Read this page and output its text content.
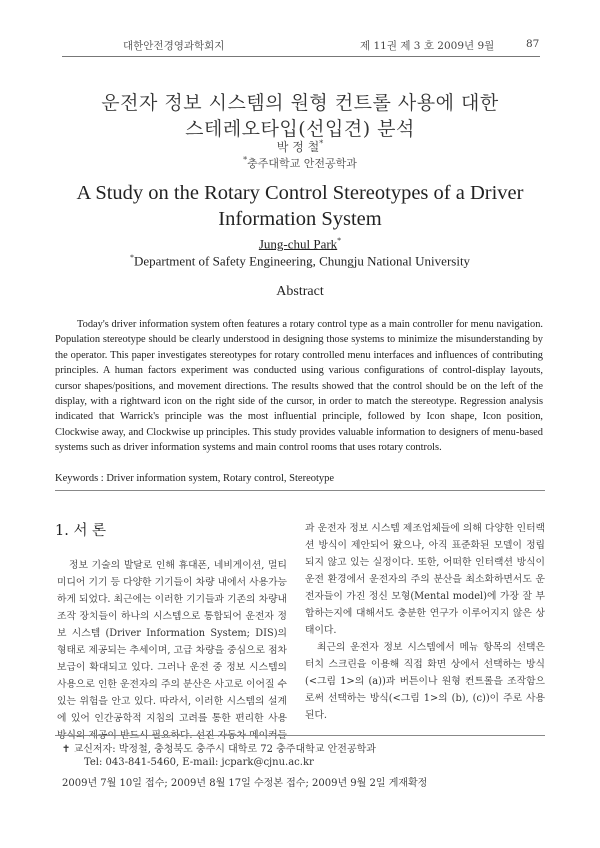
대한안전경영과학회지	제 11권 제 3 호 2009년 9월	87
운전자 정보 시스템의 원형 컨트롤 사용에 대한
스테레오타입(선입견) 분석
박 정 철*
*충주대학교 안전공학과
A Study on the Rotary Control Stereotypes of a Driver
Information System
Jung-chul Park*
*Department of Safety Engineering, Chungju National University
Abstract
Today's driver information system often features a rotary control type as a main controller for menu navigation. Population stereotype should be clearly understood in designing those systems to minimize the misunderstanding by the operator. This paper investigates stereotypes for rotary controlled menu interfaces and influences of contributing principles. A human factors experiment was conducted using various configurations of control-display layouts, cursor shapes/positions, and movement directions. The results showed that the control should be on the left of the display, with a rightward icon on the right side of the cursor, in order to match the stereotype. Regression analysis indicated that Warrick's principle was the most influential principle, followed by Icon shape, Icon position, Clockwise away, and Clockwise up principles. This study provides valuable information to designers of menu-based systems such as driver information systems and main control rooms that uses rotary controls.
Keywords : Driver information system, Rotary control, Stereotype
1. 서 론
정보 기술의 발달로 인해 휴대폰, 네비게이션, 멀티미디어 기기 등 다양한 기기들이 차량 내에서 사용가능하게 되었다. 최근에는 이러한 기기들과 기존의 차량내 조작 장치들이 하나의 시스템으로 통합되어 운전자 정보 시스템 (Driver Information System; DIS)의 형태로 제공되는 추세이며, 고급 차량을 중심으로 점차 보급이 확대되고 있다. 그러나 운전 중 정보 시스템의 사용으로 인한 운전자의 주의 분산은 사고로 이어질 수 있는 위험을 안고 있다. 따라서, 이러한 시스템의 설계에 있어 인간공학적 지침의 고려를 통한 편리한 사용

과 운전자 정보 시스템 제조업체들에 의해 다양한 인터랙션 방식이 제안되어 왔으나, 아직 표준화된 모델이 정립되지 않고 있는 실정이다. 또한, 어떠한 인터랙션 방식이 운전 환경에서 운전자의 주의 분산을 최소화하면서도 운전자들이 가진 정신 모형(Mental model)에 가장 잘 부합하는지에 대해서도 충분한 연구가 이루어지지 않은 상태이다.

최근의 운전자 정보 시스템에서 메뉴 항목의 선택은 터치 스크린을 이용해 직접 화면 상에서 선택하는 방식(<그림 1>의 (a))과 버튼이나 원형 컨트롤을 조작함으로써 선택하는 방식(<그림 1>의 (b), (c))이 주로 사용된다.

✝ 교신저자: 박정철, 충청북도 충주시 대학로 72 충주대학교 안전공학과
Tel: 043-841-5460, E-mail: jcpark@cjnu.ac.kr
2009년 7월 10일 접수; 2009년 8월 17일 수정본 접수; 2009년 9월 2일 게재확정
